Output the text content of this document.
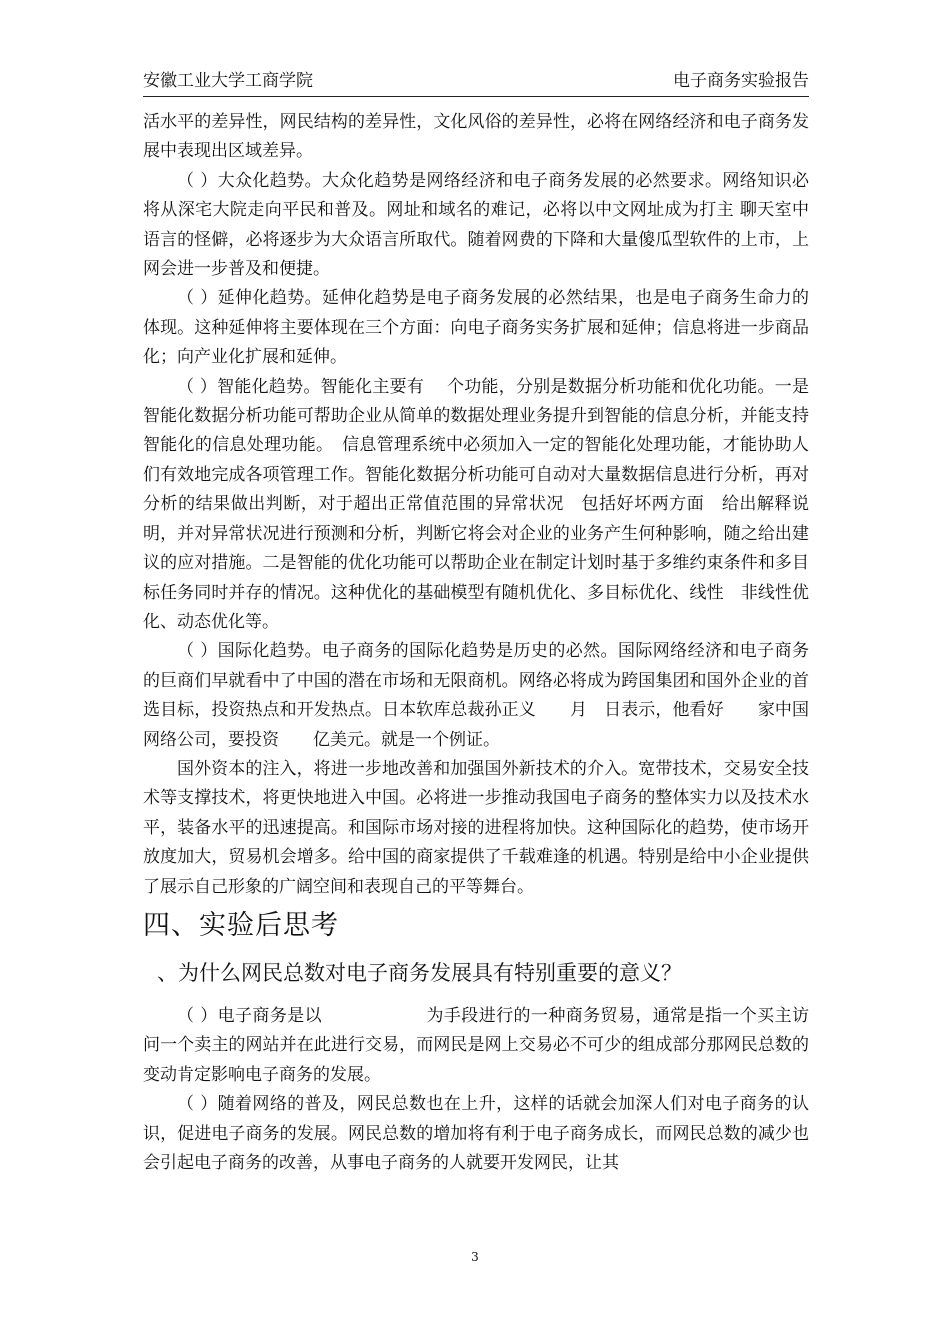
安徽工业大学工商学院	电子商务实验报告

活水平的差异性，网民结构的差异性，文化风俗的差异性，必将在网络经济和电子商务发展中表现出区域差异。

（ ）大众化趋势。大众化趋势是网络经济和电子商务发展的必然要求。网络知识必将从深宅大院走向平民和普及。网址和域名的难记，必将以中文网址成为打主 聊天室中语言的怪僻，必将逐步为大众语言所取代。随着网费的下降和大量傻瓜型软件的上市，上网会进一步普及和便捷。

（ ）延伸化趋势。延伸化趋势是电子商务发展的必然结果，也是电子商务生命力的体现。这种延伸将主要体现在三个方面：向电子商务实务扩展和延伸；信息将进一步商品化；向产业化扩展和延伸。

（ ）智能化趋势。智能化主要有　 个功能，分别是数据分析功能和优化功能。一是智能化数据分析功能可帮助企业从简单的数据处理业务提升到智能的信息分析，并能支持智能化的信息处理功能。　信息管理系统中必须加入一定的智能化处理功能，才能协助人们有效地完成各项管理工作。智能化数据分析功能可自动对大量数据信息进行分析，再对分析的结果做出判断，对于超出正常值范围的异常状况　包括好坏两方面　给出解释说明，并对异常状况进行预测和分析，判断它将会对企业的业务产生何种影响，随之给出建议的应对措施。二是智能的优化功能可以帮助企业在制定计划时基于多维约束条件和多目标任务同时并存的情况。这种优化的基础模型有随机优化、多目标优化、线性　非线性优化、动态优化等。

（ ）国际化趋势。电子商务的国际化趋势是历史的必然。国际网络经济和电子商务的巨商们早就看中了中国的潜在市场和无限商机。网络必将成为跨国集团和国外企业的首选目标，投资热点和开发热点。日本软库总裁孙正义　　月　日表示，他看好　　家中国网络公司，要投资　　亿美元。就是一个例证。

国外资本的注入，将进一步地改善和加强国外新技术的介入。宽带技术，交易安全技术等支撑技术，将更快地进入中国。必将进一步推动我国电子商务的整体实力以及技术水平，装备水平的迅速提高。和国际市场对接的进程将加快。这种国际化的趋势，使市场开放度加大，贸易机会增多。给中国的商家提供了千载难逢的机遇。特别是给中小企业提供了展示自己形象的广阔空间和表现自己的平等舞台。

四、实验后思考

、为什么网民总数对电子商务发展具有特别重要的意义？

（ ）电子商务是以　　　　　　为手段进行的一种商务贸易，通常是指一个买主访问一个卖主的网站并在此进行交易，而网民是网上交易必不可少的组成部分那网民总数的变动肯定影响电子商务的发展。

（ ）随着网络的普及，网民总数也在上升，这样的话就会加深人们对电子商务的认识，促进电子商务的发展。网民总数的增加将有利于电子商务成长，而网民总数的减少也会引起电子商务的改善，从事电子商务的人就要开发网民，让其

3
